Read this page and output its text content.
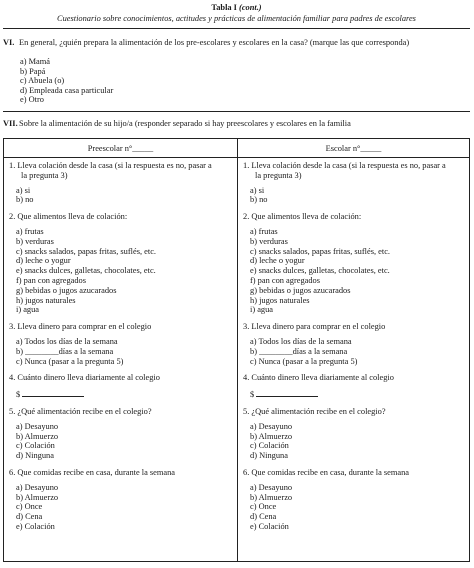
Tabla I (cont.)
Cuestionario sobre conocimientos, actitudes y prácticas de alimentación familiar para padres de escolares
VI. En general, ¿quién prepara la alimentación de los pre-escolares y escolares en la casa? (marque las que corresponda)
a) Mamá
b) Papá
c) Abuela (o)
d) Empleada casa particular
e) Otro
VII.Sobre la alimentación de su hijo/a (responder separado si hay preescolares y escolares en la familia
Preescolar n°_____	Escolar n°_____
1. Lleva colación desde la casa (si la respuesta es no, pasar a
la pregunta 3)
a) si
b) no
2. Que alimentos lleva de colación:
a) frutas
b) verduras
c) snacks salados, papas fritas, suflés, etc.
d) leche o yogur
e) snacks dulces, galletas, chocolates, etc.
f) pan con agregados
g) bebidas o jugos azucarados
h) jugos naturales
i) agua
3. Lleva dinero para comprar en el colegio
a) Todos los días de la semana
b) ________días a la semana
c) Nunca (pasar a la pregunta 5)
4. Cuánto dinero lleva diariamente al colegio
$
5. ¿Qué alimentación recibe en el colegio?
a) Desayuno
b) Almuerzo
c) Colación
d) Ninguna
6. Que comidas recibe en casa, durante la semana
a) Desayuno
b) Almuerzo
c) Once
d) Cena
e) Colación
1. Lleva colación desde la casa (si la respuesta es no, pasar a
la pregunta 3)
a) si
b) no
2. Que alimentos lleva de colación:
a) frutas
b) verduras
c) snacks salados, papas fritas, suflés, etc.
d) leche o yogur
e) snacks dulces, galletas, chocolates, etc.
f) pan con agregados
g) bebidas o jugos azucarados
h) jugos naturales
i) agua
3. Lleva dinero para comprar en el colegio
a) Todos los días de la semana
b) ________días a la semana
c) Nunca (pasar a la pregunta 5)
4. Cuánto dinero lleva diariamente al colegio
$
5. ¿Qué alimentación recibe en el colegio?
a) Desayuno
b) Almuerzo
c) Colación
d) Ninguna
6. Que comidas recibe en casa, durante la semana
a) Desayuno
b) Almuerzo
c) Once
d) Cena
e) Colación
